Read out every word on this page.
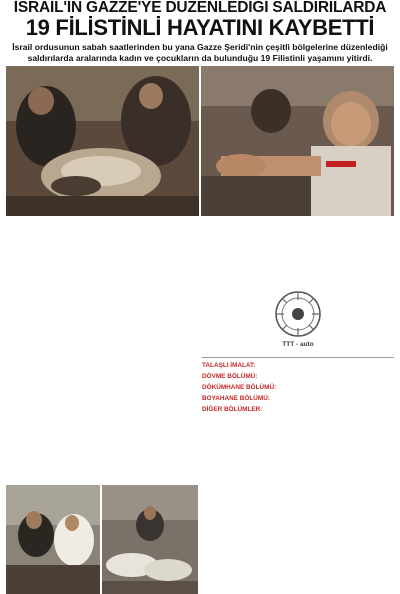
İSRAİL'İN GAZZE'YE DÜZENLEDİĞİ SALDIRILARDA
19 FİLİSTİNLİ HAYATINI KAYBETTİ
İsrail ordusunun sabah saatlerinden bu yana Gazze Şeridi'nin çeşitli bölgelerine düzenlediği saldırılarda aralarında kadın ve çocukların da bulunduğu 19 Filistinli yaşamını yitirdi.

TTT - auto
TALAŞLI İMALAT:
DÖVME BÖLÜMÜ:
DÖKÜMHANE BÖLÜMÜ:
BOYAHANE BÖLÜMÜ:
DİĞER BÖLÜMLER:
